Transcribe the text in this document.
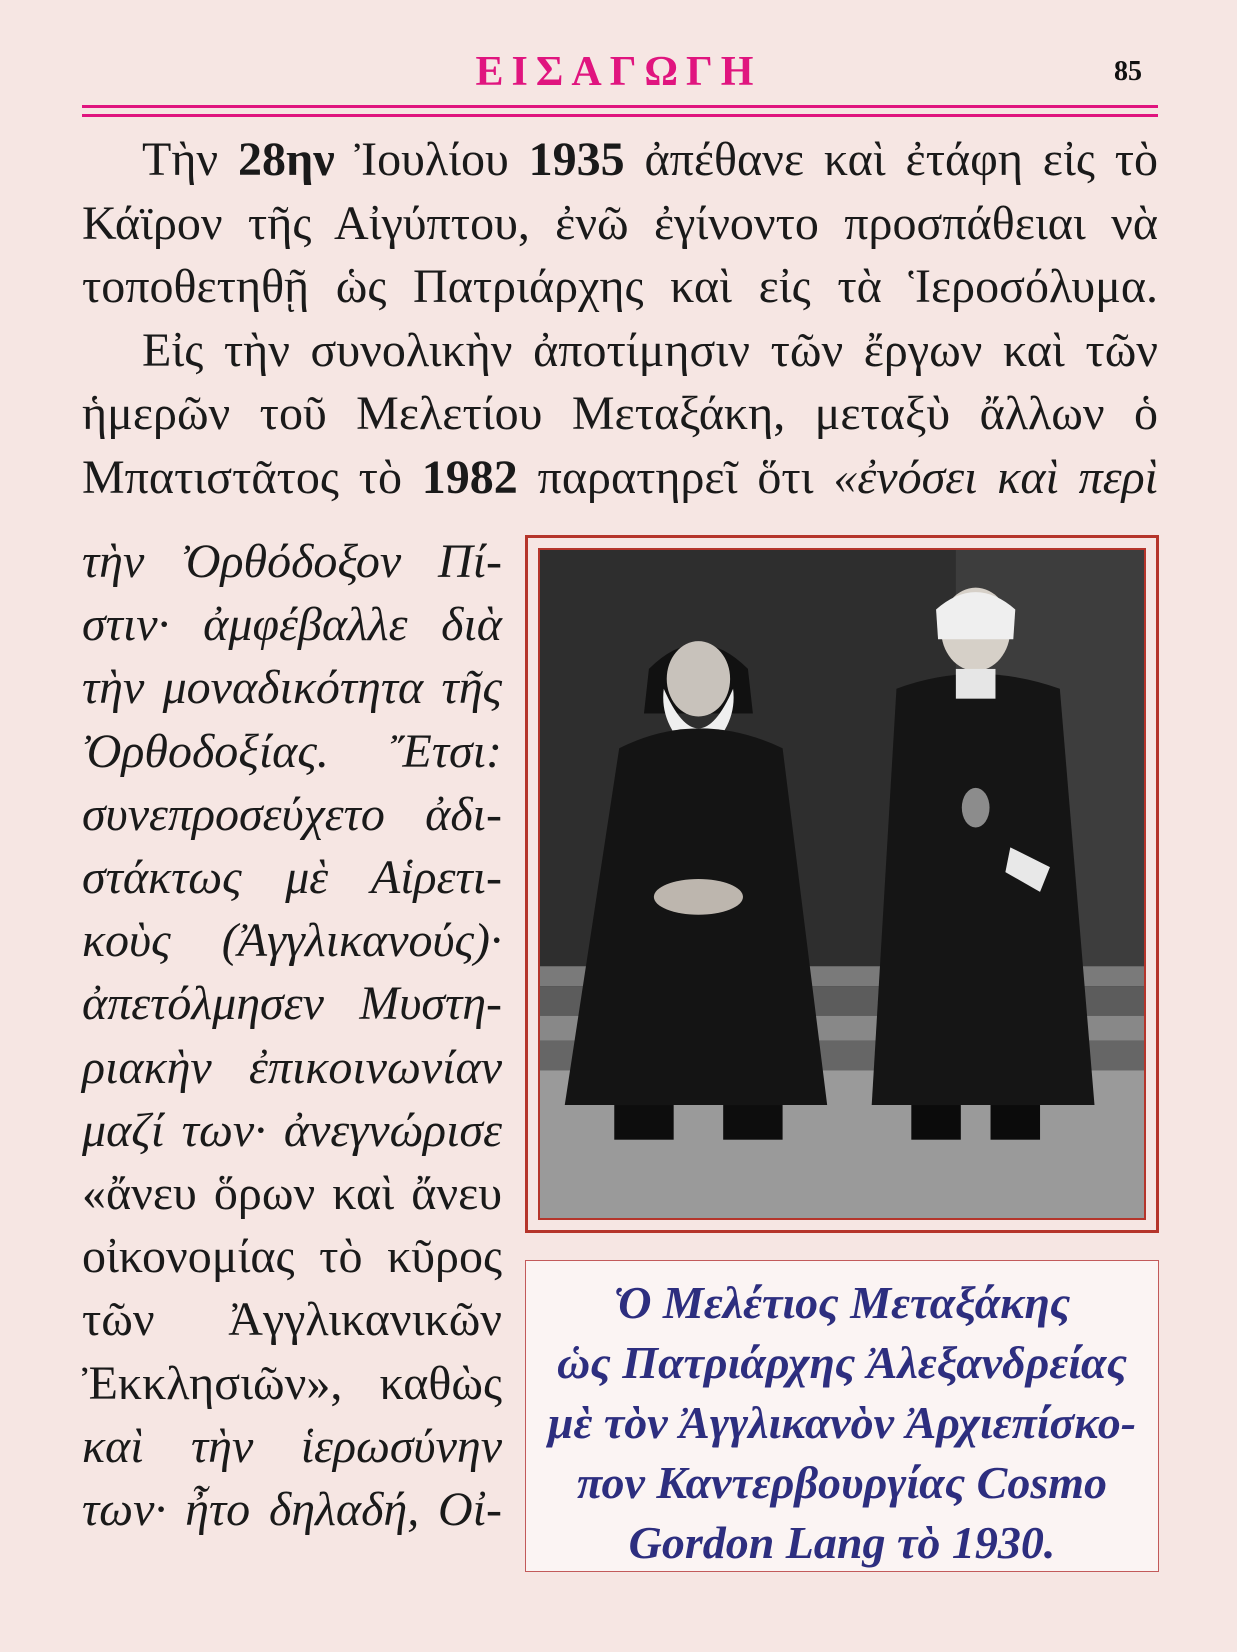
ΕΙΣΑΓΩΓΗ	85

Τὴν 28ην Ἰουλίου 1935 ἀπέθανε καὶ ἐτάφη εἰς τὸ
Κάϊρον τῆς Αἰγύπτου, ἐνῶ ἐγίνοντο προσπάθειαι νὰ
τοποθετηθῇ ὡς Πατριάρχης καὶ εἰς τὰ Ἱεροσόλυμα.

Εἰς τὴν συνολικὴν ἀποτίμησιν τῶν ἔργων καὶ τῶν
ἡμερῶν τοῦ Μελετίου Μεταξάκη, μεταξὺ ἄλλων ὁ
Μπατιστᾶτος τὸ 1982 παρατηρεῖ ὅτι «ἐνόσει καὶ περὶ

τὴν Ὀρθόδοξον Πί-
στιν· ἀμφέβαλλε διὰ
τὴν μοναδικότητα τῆς
Ὀρθοδοξίας. Ἔτσι:
συνεπροσεύχετο ἀδι-
στάκτως μὲ Αἱρετι-
κοὺς (Ἀγγλικανούς)·
ἀπετόλμησεν Μυστη-
ριακὴν ἐπικοινωνίαν
μαζί των· ἀνεγνώρισε
«ἄνευ ὅρων καὶ ἄνευ
οἰκονομίας τὸ κῦρος
τῶν Ἀγγλικανικῶν
Ἐκκλησιῶν», καθὼς
καὶ τὴν ἱερωσύνην
των· ἦτο δηλαδή, Οἰ-
Ὁ Μελέτιος Μεταξάκης
ὡς Πατριάρχης Ἀλεξανδρείας
μὲ τὸν Ἀγγλικανὸν Ἀρχιεπίσκο-
πον Καντερβουργίας Cosmo
Gordon Lang τὸ 1930.
